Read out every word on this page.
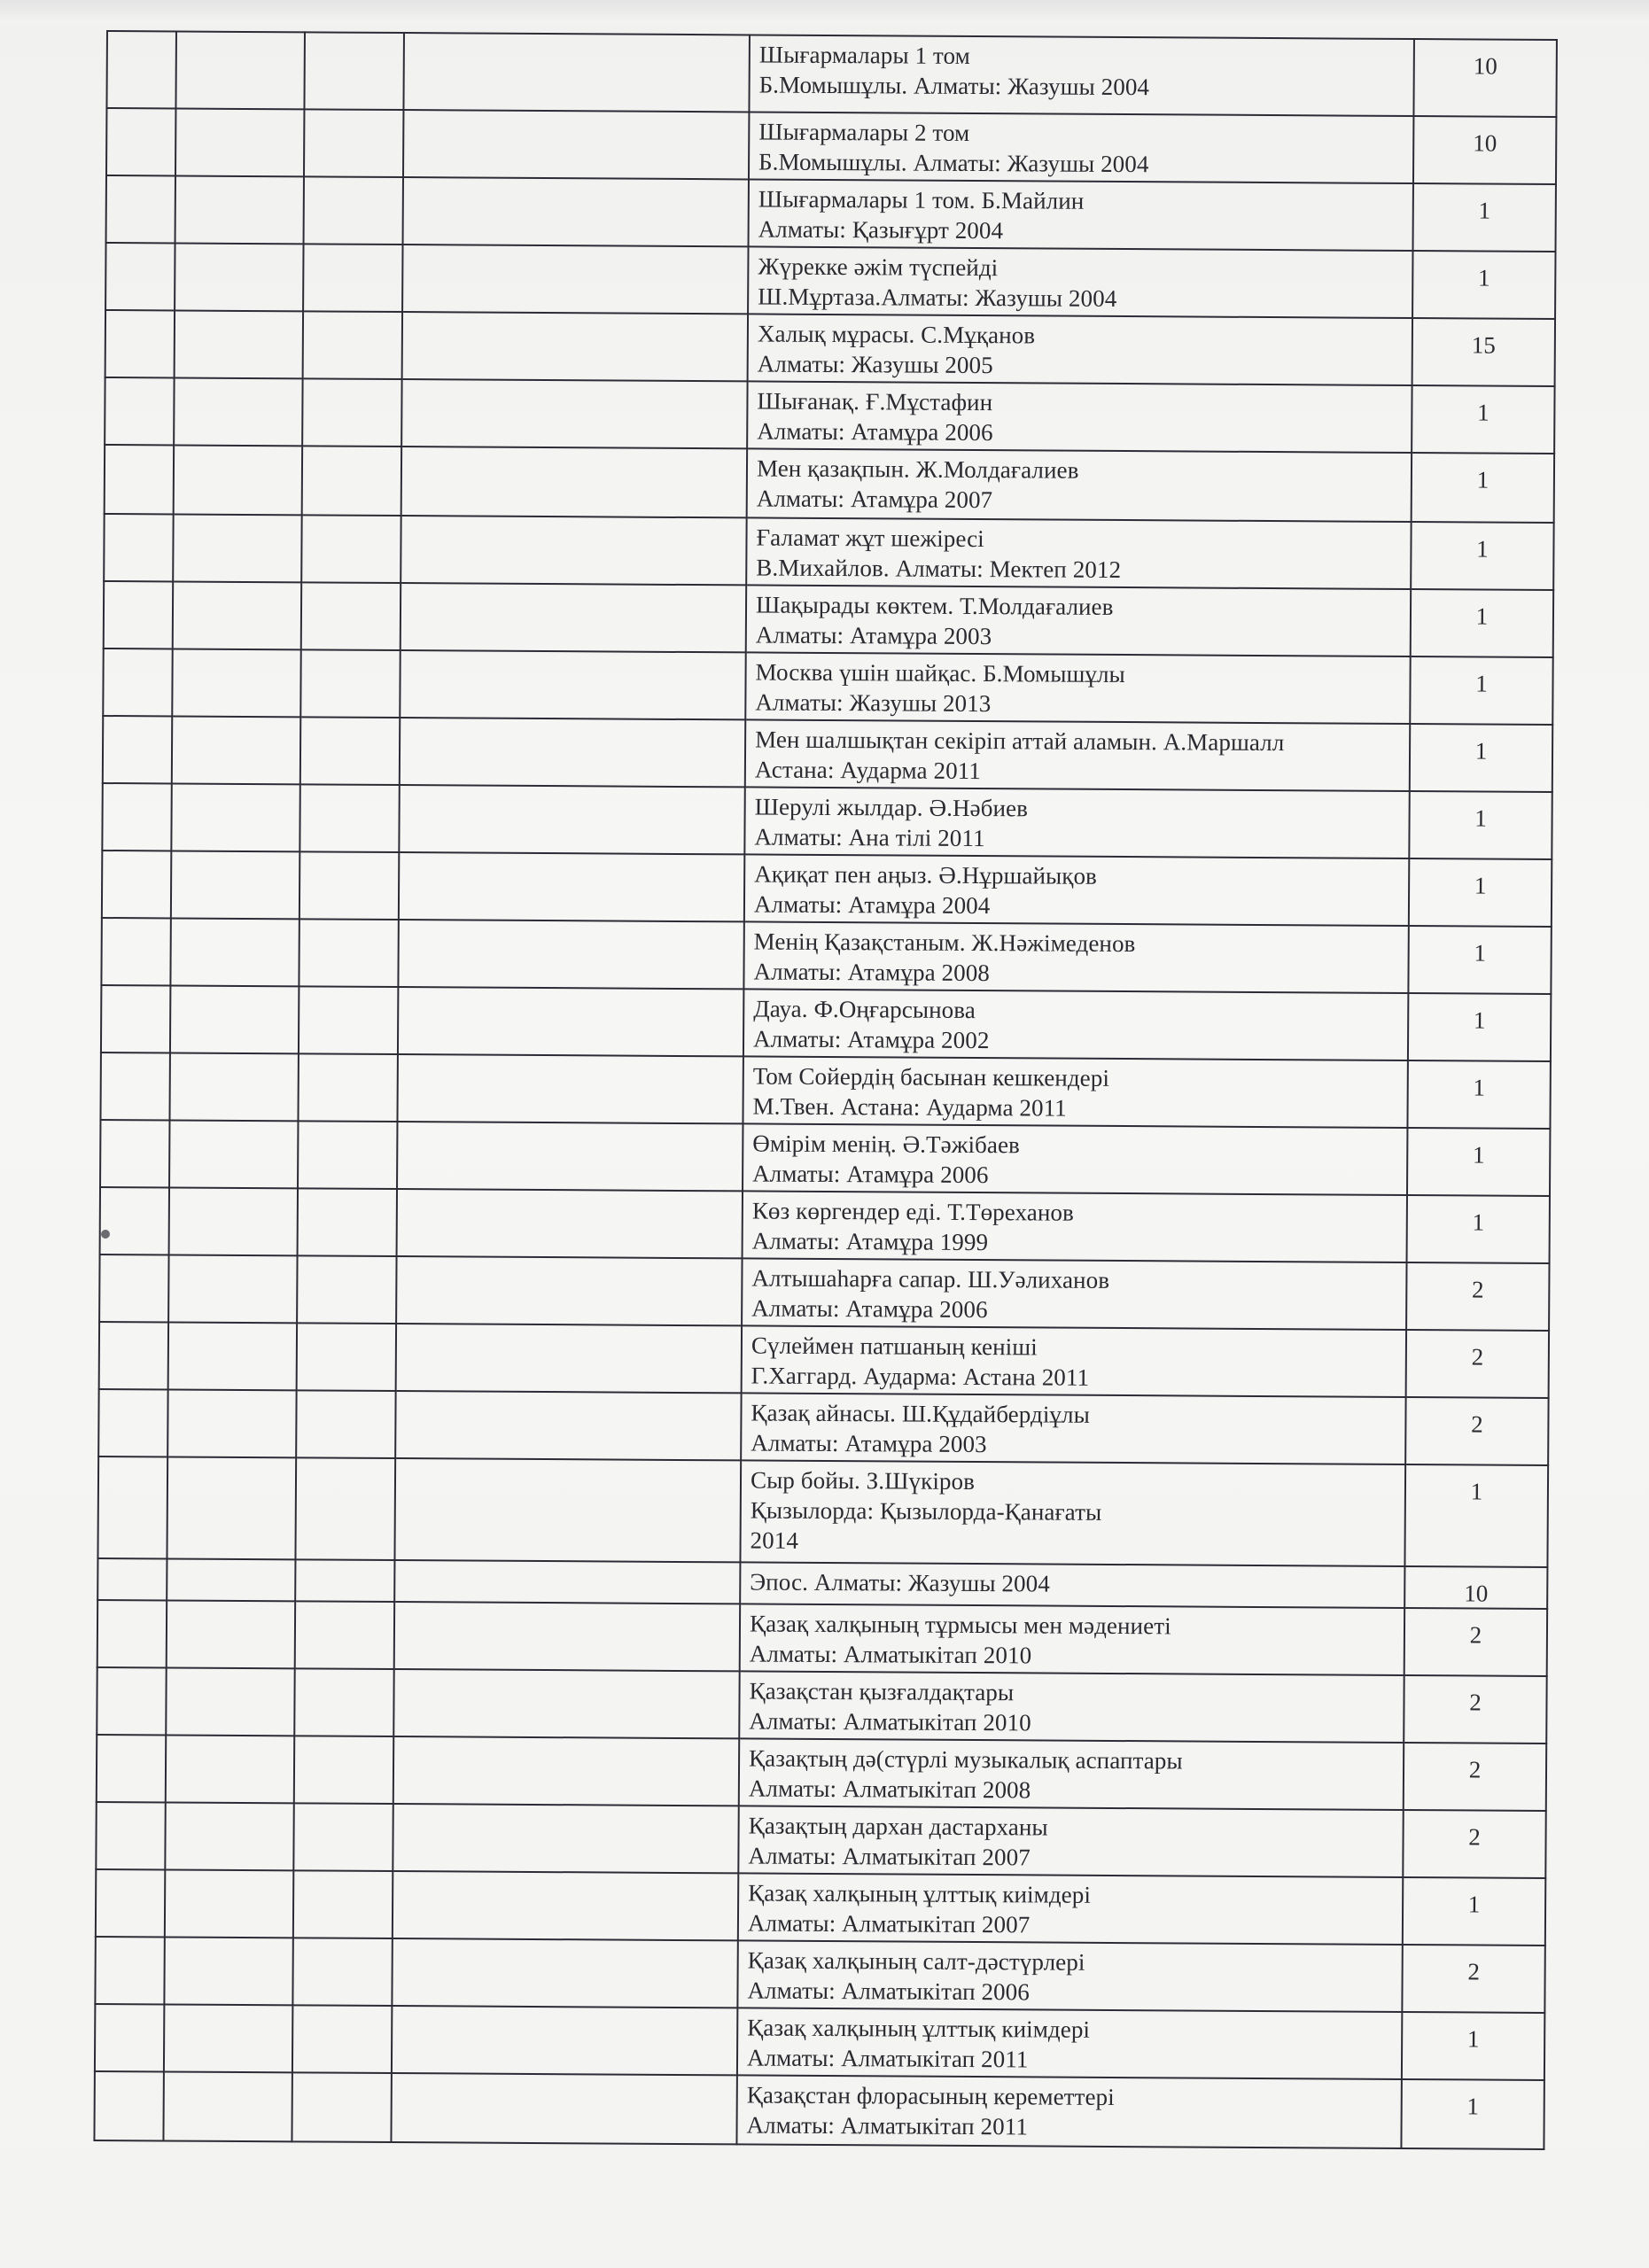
				Шығармалары 1 том
Б.Момышұлы. Алматы: Жазушы 2004	10

				Шығармалары 2 том
Б.Момышұлы. Алматы: Жазушы 2004	10

				Шығармалары 1 том. Б.Майлин
Алматы: Қазығұрт 2004	1

				Жүрекке әжім түспейді
Ш.Мұртаза.Алматы: Жазушы 2004	1

				Халық мұрасы. С.Мұқанов
Алматы: Жазушы 2005	15

				Шығанақ. Ғ.Мұстафин
Алматы: Атамұра 2006	1

				Мен қазақпын. Ж.Молдағалиев
Алматы: Атамұра 2007	1

				Ғаламат жұт шежіресі
В.Михайлов. Алматы: Мектеп 2012	1

				Шақырады көктем. Т.Молдағалиев
Алматы: Атамұра 2003	1

				Москва үшін шайқас. Б.Момышұлы
Алматы: Жазушы 2013	1

				Мен шалшықтан секіріп аттай аламын. А.Маршалл
Астана: Аударма 2011	1

				Шерулі жылдар. Ә.Нәбиев
Алматы: Ана тілі 2011	1

				Ақиқат пен аңыз. Ә.Нұршайықов
Алматы: Атамұра 2004	1

				Менің Қазақстаным. Ж.Нәжімеденов
Алматы: Атамұра 2008	1

				Дауа. Ф.Оңғарсынова
Алматы: Атамұра 2002	1

				Том Сойердің басынан кешкендері
М.Твен. Астана: Аударма 2011	1

				Өмірім менің. Ә.Тәжібаев
Алматы: Атамұра 2006	1

				Көз көргендер еді. Т.Төреханов
Алматы: Атамұра 1999	1

				Алтышаһарға сапар. Ш.Уәлиханов
Алматы: Атамұра 2006	2

				Сүлеймен патшаның кеніші
Г.Хаггард. Аударма: Астана 2011	2

				Қазақ айнасы. Ш.Құдайбердіұлы
Алматы: Атамұра 2003	2

				Сыр бойы. З.Шүкіров
Қызылорда: Қызылорда-Қанағаты
2014	1

				Эпос. Алматы: Жазушы 2004	10

				Қазақ халқының тұрмысы мен мәдениеті
Алматы: Алматыкітап 2010	2

				Қазақстан қызғалдақтары
Алматы: Алматыкітап 2010	2

				Қазақтың дә(стүрлі музыкалық аспаптары
Алматы: Алматыкітап 2008	2

				Қазақтың дархан дастарханы
Алматы: Алматыкітап 2007	2

				Қазақ халқының ұлттық киімдері
Алматы: Алматыкітап 2007	1

				Қазақ халқының салт-дәстүрлері
Алматы: Алматыкітап 2006	2

				Қазақ халқының ұлттық киімдері
Алматы: Алматыкітап 2011	1

				Қазақстан флорасының кереметтері
Алматы: Алматыкітап 2011	1
